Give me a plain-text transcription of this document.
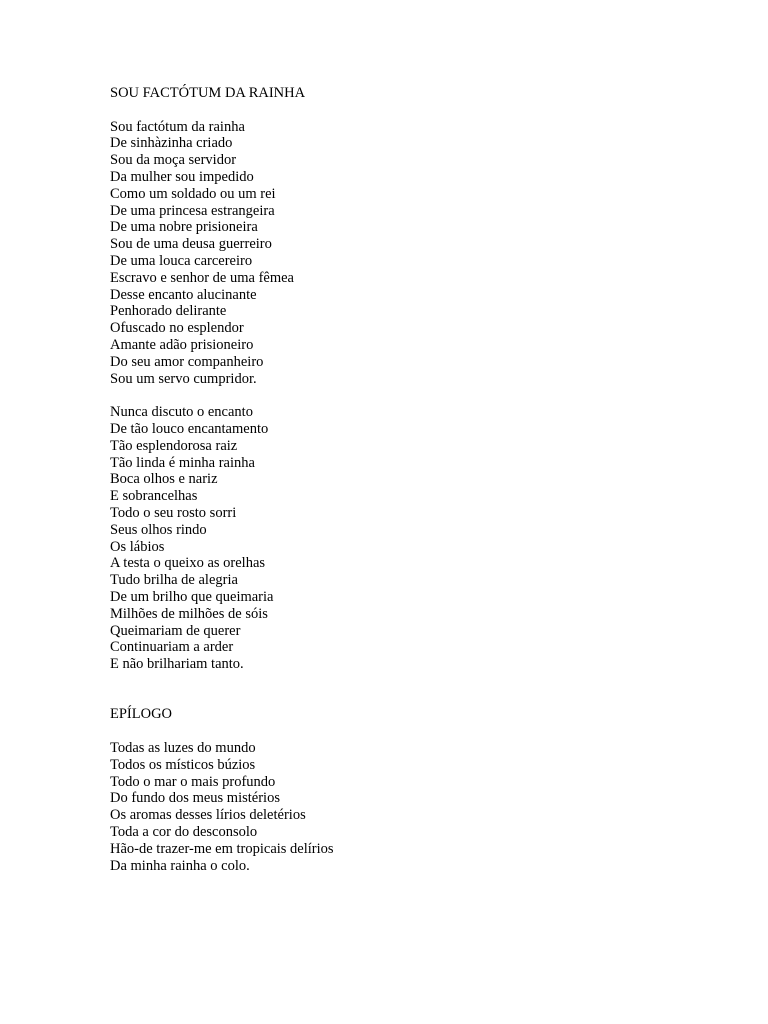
SOU FACTÓTUM DA RAINHA
Sou factótum da rainha
De sinhàzinha criado
Sou da moça servidor
Da mulher sou impedido
Como um soldado ou um rei
De uma princesa estrangeira
De uma nobre prisioneira
Sou de uma deusa guerreiro
De uma louca carcereiro
Escravo e senhor de uma fêmea
Desse encanto alucinante
Penhorado delirante
Ofuscado no esplendor
Amante adão prisioneiro
Do seu amor companheiro
Sou um servo cumpridor.
Nunca discuto o encanto
De tão louco encantamento
Tão esplendorosa raiz
Tão linda é minha rainha
Boca olhos e nariz
E sobrancelhas
Todo o seu rosto sorri
Seus olhos rindo
Os lábios
A testa o queixo as orelhas
Tudo brilha de alegria
De um brilho que queimaria
Milhões de milhões de sóis
Queimariam de querer
Continuariam a arder
E não brilhariam tanto.
EPÍLOGO
Todas as luzes do mundo
Todos os místicos búzios
Todo o mar o mais profundo
Do fundo dos meus mistérios
Os aromas desses lírios deletérios
Toda a cor do desconsolo
Hão-de trazer-me em tropicais delírios
Da minha rainha o colo.
